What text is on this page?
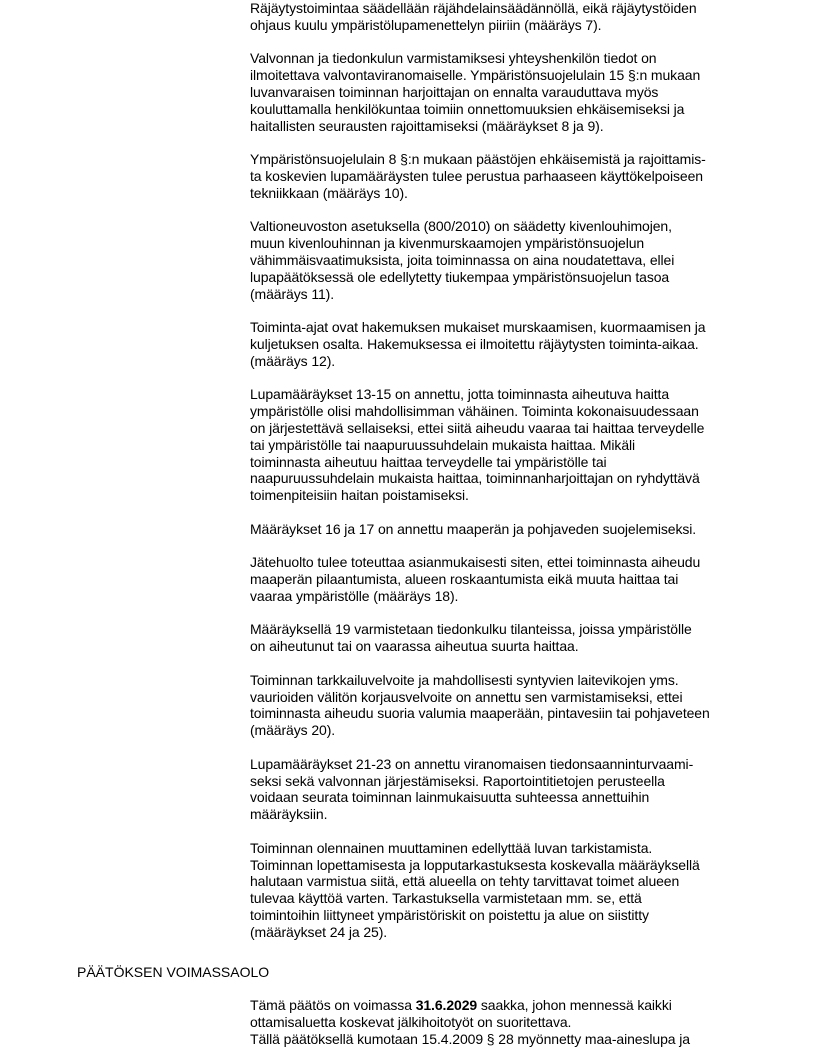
Räjäytystoimintaa säädellään räjähdelainsäädännöllä, eikä räjäytystöiden
ohjaus kuulu ympäristölupamenettelyn piiriin (määräys 7).
Valvonnan ja tiedonkulun varmistamiksesi yhteyshenkilön tiedot on
ilmoitettava valvontaviranomaiselle. Ympäristönsuojelulain 15 §:n mukaan
luvanvaraisen toiminnan harjoittajan on ennalta varauduttava myös
kouluttamalla henkilökuntaa toimiin onnettomuuksien ehkäisemiseksi ja
haitallisten seurausten rajoittamiseksi (määräykset 8 ja 9).
Ympäristönsuojelulain 8 §:n mukaan päästöjen ehkäisemistä ja rajoittamis-
ta koskevien lupamääräysten tulee perustua parhaaseen käyttökelpoiseen
tekniikkaan (määräys 10).
Valtioneuvoston asetuksella (800/2010) on säädetty kivenlouhimojen,
muun kivenlouhinnan ja kivenmurskaamojen ympäristönsuojelun
vähimmäisvaatimuksista, joita toiminnassa on aina noudatettava, ellei
lupapäätöksessä ole edellytetty tiukempaa ympäristönsuojelun tasoa
(määräys 11).
Toiminta-ajat ovat hakemuksen mukaiset murskaamisen, kuormaamisen ja
kuljetuksen osalta. Hakemuksessa ei ilmoitettu räjäytysten toiminta-aikaa.
(määräys 12).
Lupamääräykset 13-15 on annettu, jotta toiminnasta aiheutuva haitta
ympäristölle olisi mahdollisimman vähäinen. Toiminta kokonaisuudessaan
on järjestettävä sellaiseksi, ettei siitä aiheudu vaaraa tai haittaa terveydelle
tai ympäristölle tai naapuruussuhdelain mukaista haittaa. Mikäli
toiminnasta aiheutuu haittaa terveydelle tai ympäristölle tai
naapuruussuhdelain mukaista haittaa, toiminnanharjoittajan on ryhdyttävä
toimenpiteisiin haitan poistamiseksi.
Määräykset 16 ja 17 on annettu maaperän ja pohjaveden suojelemiseksi.
Jätehuolto tulee toteuttaa asianmukaisesti siten, ettei toiminnasta aiheudu
maaperän pilaantumista, alueen roskaantumista eikä muuta haittaa tai
vaaraa ympäristölle (määräys 18).
Määräyksellä 19 varmistetaan tiedonkulku tilanteissa, joissa ympäristölle
on aiheutunut tai on vaarassa aiheutua suurta haittaa.
Toiminnan tarkkailuvelvoite ja mahdollisesti syntyvien laitevikojen yms.
vaurioiden välitön korjausvelvoite on annettu sen varmistamiseksi, ettei
toiminnasta aiheudu suoria valumia maaperään, pintavesiin tai pohjaveteen
(määräys 20).
Lupamääräykset 21-23 on annettu viranomaisen tiedonsaanninturvaami-
seksi sekä valvonnan järjestämiseksi. Raportointitietojen perusteella
voidaan seurata toiminnan lainmukaisuutta suhteessa annettuihin
määräyksiin.
Toiminnan olennainen muuttaminen edellyttää luvan tarkistamista.
Toiminnan lopettamisesta ja lopputarkastuksesta koskevalla määräyksellä
halutaan varmistua siitä, että alueella on tehty tarvittavat toimet alueen
tulevaa käyttöä varten. Tarkastuksella varmistetaan mm. se, että
toimintoihin liittyneet ympäristöriskit on poistettu ja alue on siistitty
(määräykset 24 ja 25).
PÄÄTÖKSEN VOIMASSAOLO
Tämä päätös on voimassa 31.6.2029 saakka, johon mennessä kaikki
ottamisaluetta koskevat jälkihoitotyöt on suoritettava.
Tällä päätöksellä kumotaan 15.4.2009 § 28 myönnetty maa-aineslupa ja
